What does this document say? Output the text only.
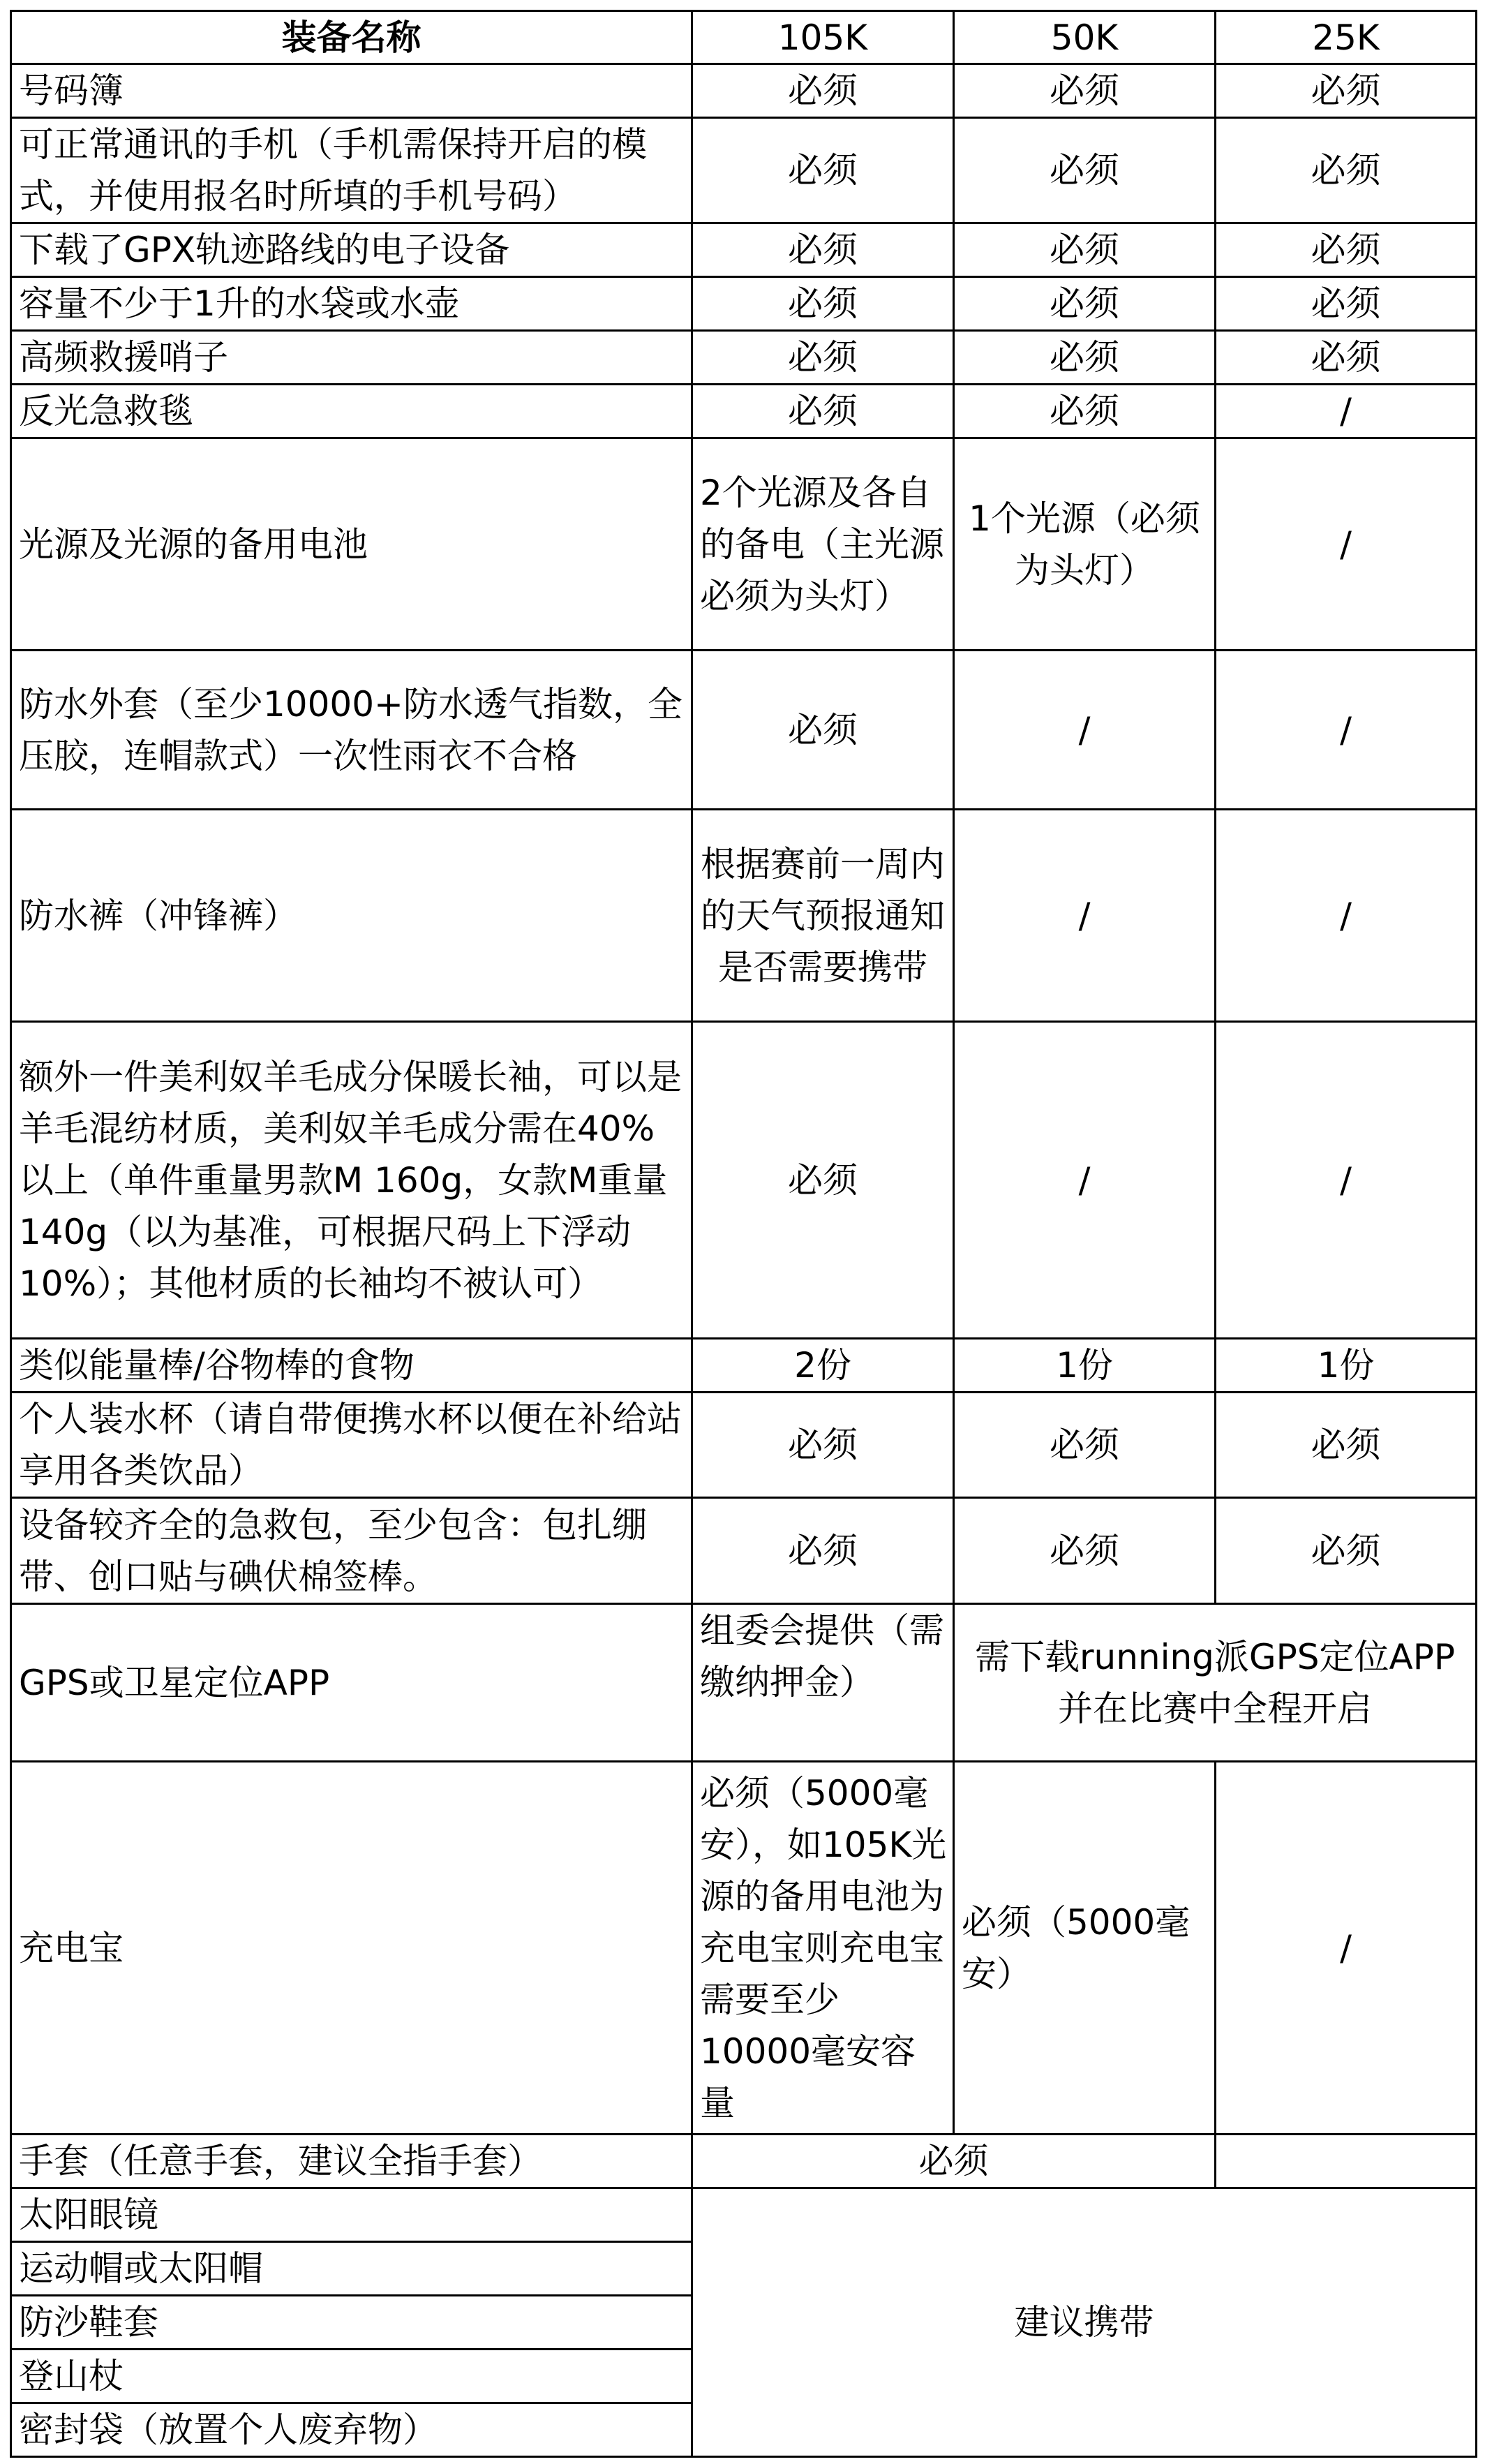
装备名称	105K	50K	25K
号码簿	必须	必须	必须
可正常通讯的手机（手机需保持开启的模式，并使用报名时所填的手机号码）	必须	必须	必须
下载了GPX轨迹路线的电子设备	必须	必须	必须
容量不少于1升的水袋或水壶	必须	必须	必须
高频救援哨子	必须	必须	必须
反光急救毯	必须	必须	/
光源及光源的备用电池	2个光源及各自的备电（主光源必须为头灯）	1个光源（必须为头灯）	/
防水外套（至少10000+防水透气指数，全压胶，连帽款式）一次性雨衣不合格	必须	/	/
防水裤（冲锋裤）	根据赛前一周内的天气预报通知是否需要携带	/	/
额外一件美利奴羊毛成分保暖长袖，可以是羊毛混纺材质，美利奴羊毛成分需在40%以上（单件重量男款M 160g，女款M重量140g（以为基准，可根据尺码上下浮动10%）；其他材质的长袖均不被认可）	必须	/	/
类似能量棒/谷物棒的食物	2份	1份	1份
个人装水杯（请自带便携水杯以便在补给站享用各类饮品）	必须	必须	必须
设备较齐全的急救包，至少包含：包扎绷带、创口贴与碘伏棉签棒。	必须	必须	必须
GPS或卫星定位APP	组委会提供（需缴纳押金）	需下载running派GPS定位APP并在比赛中全程开启	
充电宝	必须（5000毫安），如105K光源的备用电池为充电宝则充电宝需要至少10000毫安容量	必须（5000毫安）	/
手套（任意手套，建议全指手套）	必须		
太阳眼镜	建议携带		
运动帽或太阳帽			
防沙鞋套			
登山杖			
密封袋（放置个人废弃物）			
